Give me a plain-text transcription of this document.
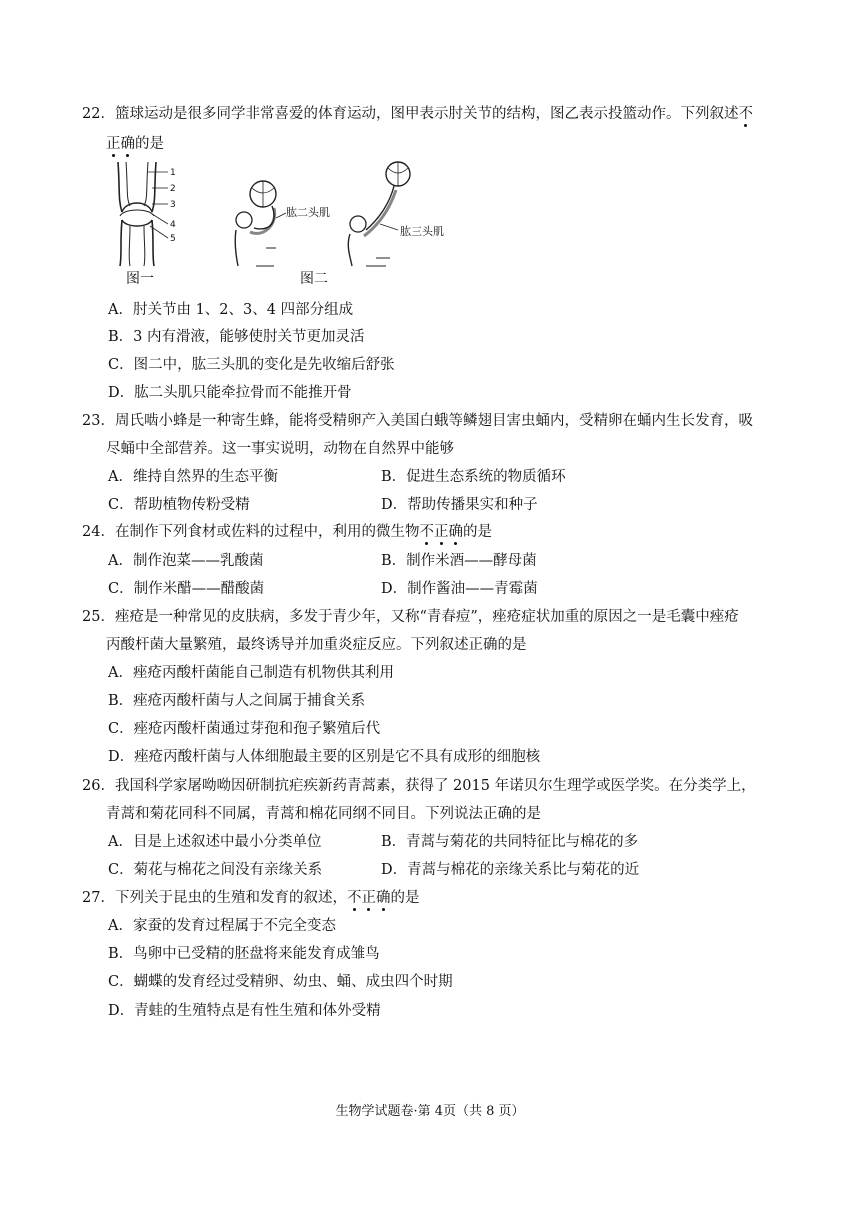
22．篮球运动是很多同学非常喜爱的体育运动，图甲表示肘关节的结构，图乙表示投篮动作。下列叙述不
正确的是
1
2
3
4
5
图一
肱二头肌
肱三头肌
图二
A．肘关节由 1、2、3、4 四部分组成
B．3 内有滑液，能够使肘关节更加灵活
C．图二中，肱三头肌的变化是先收缩后舒张
D．肱二头肌只能牵拉骨而不能推开骨
23．周氏啮小蜂是一种寄生蜂，能将受精卵产入美国白蛾等鳞翅目害虫蛹内，受精卵在蛹内生长发育，吸
尽蛹中全部营养。这一事实说明，动物在自然界中能够
A．维持自然界的生态平衡	B．促进生态系统的物质循环
C．帮助植物传粉受精	D．帮助传播果实和种子
24．在制作下列食材或佐料的过程中，利用的微生物不正确的是
A．制作泡菜——乳酸菌	B．制作米酒——酵母菌
C．制作米醋——醋酸菌	D．制作酱油——青霉菌
25．痤疮是一种常见的皮肤病，多发于青少年，又称“青春痘”，痤疮症状加重的原因之一是毛囊中痤疮
丙酸杆菌大量繁殖，最终诱导并加重炎症反应。下列叙述正确的是
A．痤疮丙酸杆菌能自己制造有机物供其利用
B．痤疮丙酸杆菌与人之间属于捕食关系
C．痤疮丙酸杆菌通过芽孢和孢子繁殖后代
D．痤疮丙酸杆菌与人体细胞最主要的区别是它不具有成形的细胞核
26．我国科学家屠呦呦因研制抗疟疾新药青蒿素，获得了 2015 年诺贝尔生理学或医学奖。在分类学上，
青蒿和菊花同科不同属，青蒿和棉花同纲不同目。下列说法正确的是
A．目是上述叙述中最小分类单位	B．青蒿与菊花的共同特征比与棉花的多
C．菊花与棉花之间没有亲缘关系	D．青蒿与棉花的亲缘关系比与菊花的近
27．下列关于昆虫的生殖和发育的叙述，不正确的是
A．家蚕的发育过程属于不完全变态
B．鸟卵中已受精的胚盘将来能发育成雏鸟
C．蝴蝶的发育经过受精卵、幼虫、蛹、成虫四个时期
D．青蛙的生殖特点是有性生殖和体外受精
生物学试题卷·第 4页（共 8 页）
